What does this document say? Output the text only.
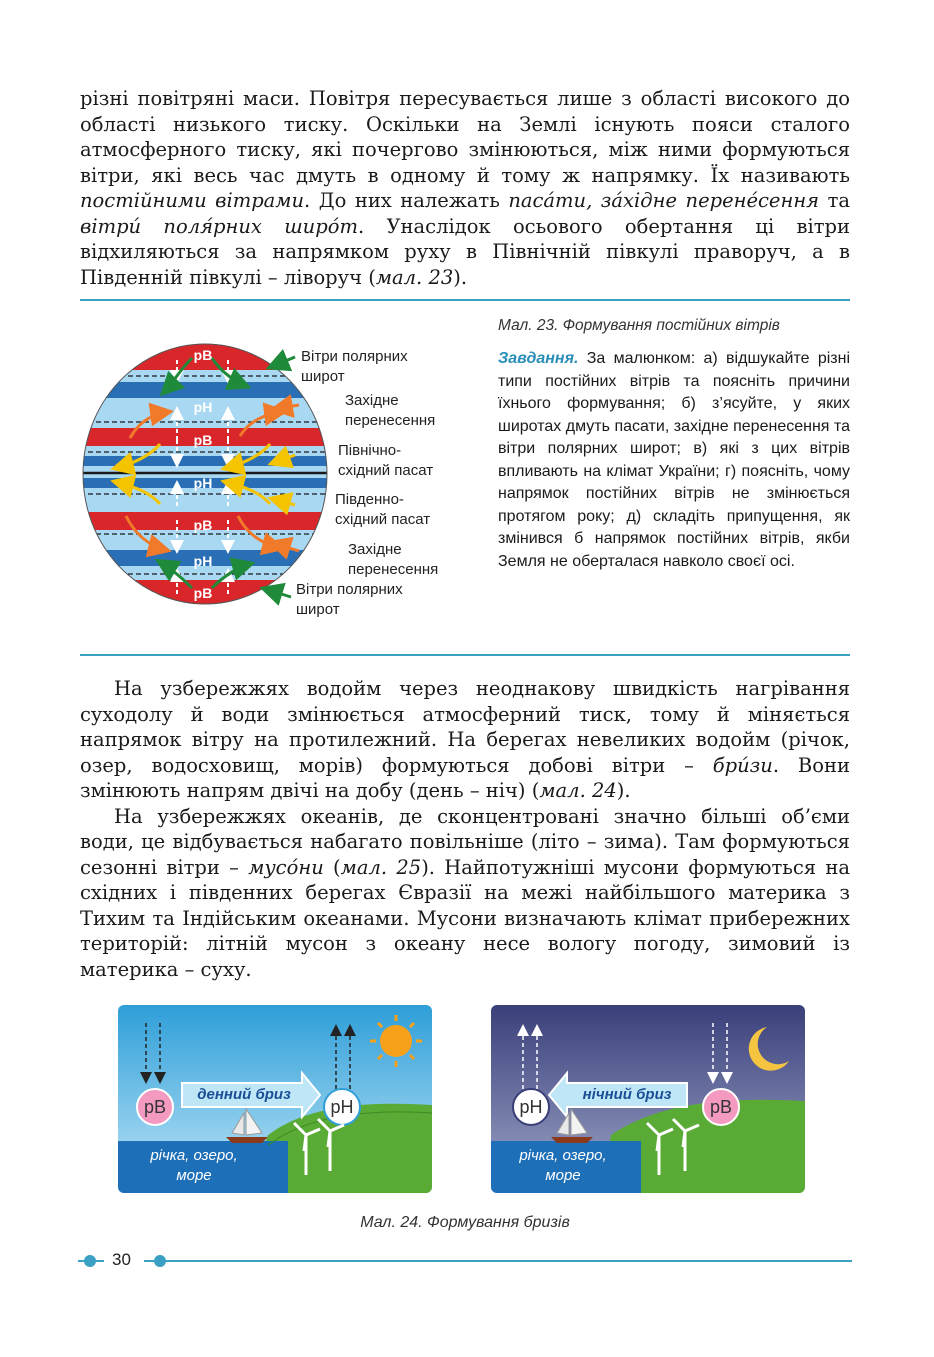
різні повітряні маси. Повітря пересувається лише з області високого до області низького тиску. Оскільки на Землі існують пояси сталого атмосферного тиску, які почергово змінюються, між ними формуються вітри, які весь час дмуть в одному й тому ж напрямку. Їх називають постійними вітрами. До них належать паса́ти, за́хідне перене́сення та вітри́ поля́рних широ́т. Унаслідок осьового обертання ці вітри відхиляються за напрямком руху в Північній півкулі праворуч, а в Південній півкулі – ліворуч (мал. 23).

рВ
рН
рВ
рН
рВ
рН
рВ
Вітри полярних
широт
Західне
перенесення
Північно-
східний пасат
Південно-
східний пасат
Західне
перенесення
Вітри полярних
широт
Мал. 23. Формування постійних вітрів
Завдання. За малюнком: а) відшукайте різні типи постійних вітрів та поясніть причини їхнього формування; б) з’ясуйте, у яких широтах дмуть пасати, західне перенесення та вітри полярних широт; в) які з цих вітрів впливають на клімат України; г) поясніть, чому напрямок постійних вітрів не змінюється протягом року; д) складіть припущення, як змінився б напрямок постійних вітрів, якби Земля не оберталася навколо своєї осі.

На узбережжях водойм через неоднакову швидкість нагрівання суходолу й води змінюється атмосферний тиск, тому й міняється напрямок вітру на протилежний. На берегах невеликих водойм (річок, озер, водосховищ, морів) формуються добові вітри – бри́зи. Вони змінюють напрям двічі на добу (день – ніч) (мал. 24).

На узбережжях океанів, де сконцентровані значно більші об’єми води, це відбувається набагато повільніше (літо – зима). Там формуються сезонні вітри – мусо́ни (мал. 25). Найпотужніші мусони формуються на східних і південних берегах Євразії на межі найбільшого материка з Тихим та Індійським океанами. Мусони визначають клімат прибережних територій: літній мусон з океану несе вологу погоду, зимовий із материка – суху.

рВ	рН
денний бриз
річка, озеро,
море
рН	рВ
нічний бриз
річка, озеро,
море
Мал. 24. Формування бризів
30
